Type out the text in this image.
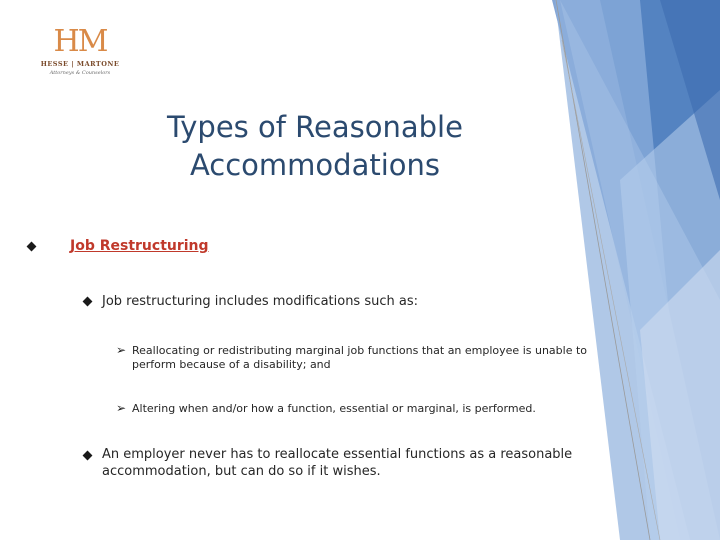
HM
HESSE | MARTONE
Attorneys & Counselors
Types of Reasonable Accommodations
Job Restructuring
Job restructuring includes modifications such as:
➢ Reallocating or redistributing marginal job functions that an employee is unable to perform because of a disability; and
➢ Altering when and/or how a function, essential or marginal, is performed.
An employer never has to reallocate essential functions as a reasonable accommodation, but can do so if it wishes.
